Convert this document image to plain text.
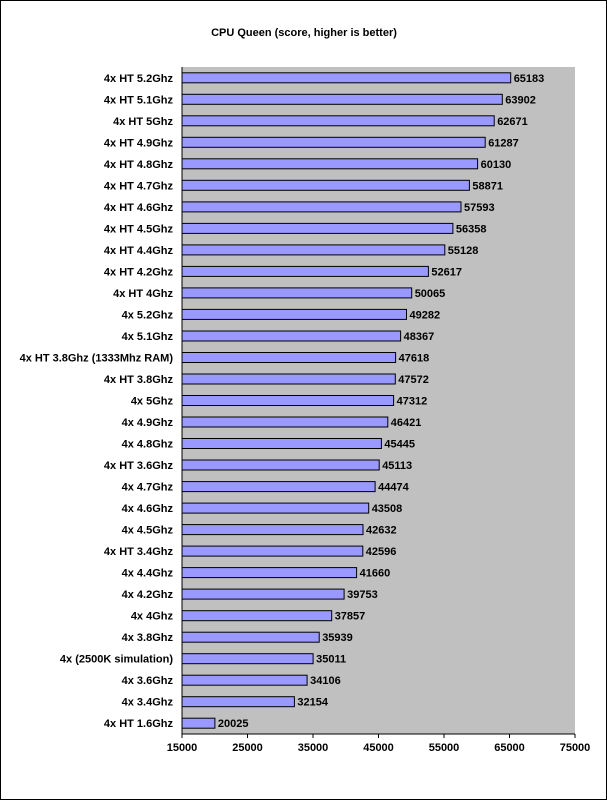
CPU Queen (score, higher is better)
4x HT 5.2Ghz	65183
4x HT 5.1Ghz	63902
4x HT 5Ghz	62671
4x HT 4.9Ghz	61287
4x HT 4.8Ghz	60130
4x HT 4.7Ghz	58871
4x HT 4.6Ghz	57593
4x HT 4.5Ghz	56358
4x HT 4.4Ghz	55128
4x HT 4.2Ghz	52617
4x HT 4Ghz	50065
4x 5.2Ghz	49282
4x 5.1Ghz	48367
4x HT 3.8Ghz (1333Mhz RAM)	47618
4x HT 3.8Ghz	47572
4x 5Ghz	47312
4x 4.9Ghz	46421
4x 4.8Ghz	45445
4x HT 3.6Ghz	45113
4x 4.7Ghz	44474
4x 4.6Ghz	43508
4x 4.5Ghz	42632
4x HT 3.4Ghz	42596
4x 4.4Ghz	41660
4x 4.2Ghz	39753
4x 4Ghz	37857
4x 3.8Ghz	35939
4x (2500K simulation)	35011
4x 3.6Ghz	34106
4x 3.4Ghz	32154
4x HT 1.6Ghz	20025
15000	25000	35000	45000	55000	65000	75000
